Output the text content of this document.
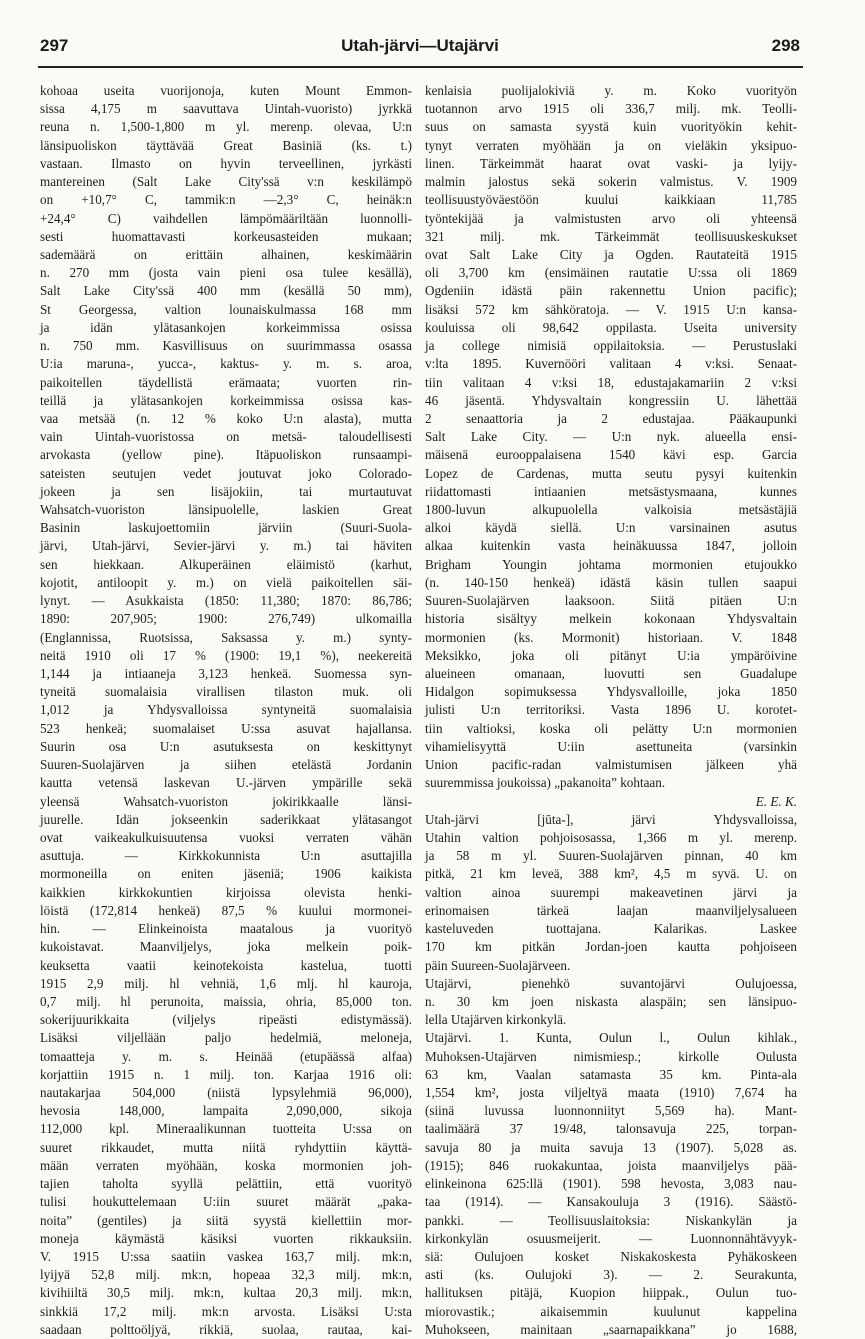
297	Utah-järvi—Utajärvi	298
kohoaa useita vuorijonoja, kuten Mount Emmon-
sissa 4,175 m saavuttava Uintah-vuoristo) jyrkkä
reuna n. 1,500-1,800 m yl. merenp. olevaa, U:n
länsipuoliskon täyttävää Great Basiniä (ks. t.)
vastaan. Ilmasto on hyvin terveellinen, jyrkästi
mantereinen (Salt Lake City'ssä v:n keskilämpö
on +10,7° C, tammik:n —2,3° C, heinäk:n
+24,4° C) vaihdellen lämpömääriltään luonnolli-
sesti huomattavasti korkeusasteiden mukaan;
sademäärä on erittäin alhainen, keskimäärin
n. 270 mm (josta vain pieni osa tulee kesällä),
Salt Lake City'ssä 400 mm (kesällä 50 mm),
St Georgessa, valtion lounaiskulmassa 168 mm
ja idän ylätasankojen korkeimmissa osissa
n. 750 mm. Kasvillisuus on suurimmassa osassa
U:ia maruna-, yucca-, kaktus- y. m. s. aroa,
paikoitellen täydellistä erämaata; vuorten rin-
teillä ja ylätasankojen korkeimmissa osissa kas-
vaa metsää (n. 12 % koko U:n alasta), mutta
vain Uintah-vuoristossa on metsä- taloudellisesti
arvokasta (yellow pine). Itäpuoliskon runsaampi-
sateisten seutujen vedet joutuvat joko Colorado-
jokeen ja sen lisäjokiin, tai murtautuvat
Wahsatch-vuoriston länsipuolelle, laskien Great
Basinin laskujoettomiin järviin (Suuri-Suola-
järvi, Utah-järvi, Sevier-järvi y. m.) tai häviten
sen hiekkaan. Alkuperäinen eläimistö (karhut,
kojotit, antiloopit y. m.) on vielä paikoitellen säi-
lynyt. — Asukkaista (1850: 11,380; 1870: 86,786;
1890: 207,905; 1900: 276,749) ulkomailla
(Englannissa, Ruotsissa, Saksassa y. m.) synty-
neitä 1910 oli 17 % (1900: 19,1 %), neekereitä
1,144 ja intiaaneja 3,123 henkeä. Suomessa syn-
tyneitä suomalaisia virallisen tilaston muk. oli
1,012 ja Yhdysvalloissa syntyneitä suomalaisia
523 henkeä; suomalaiset U:ssa asuvat hajallansa.
Suurin osa U:n asutuksesta on keskittynyt
Suuren-Suolajärven ja siihen etelästä Jordanin
kautta vetensä laskevan U.-järven ympärille sekä
yleensä Wahsatch-vuoriston jokirikkaalle länsi-
juurelle. Idän jokseenkin saderikkaat ylätasangot
ovat vaikeakulkuisuutensa vuoksi verraten vähän
asuttuja. — Kirkkokunnista U:n asuttajilla
mormoneilla on eniten jäseniä; 1906 kaikista
kaikkien kirkkokuntien kirjoissa olevista henki-
löistä (172,814 henkeä) 87,5 % kuului mormonei-
hin. — Elinkeinoista maatalous ja vuorityö
kukoistavat. Maanviljelys, joka melkein poik-
keuksetta vaatii keinotekoista kastelua, tuotti
1915 2,9 milj. hl vehniä, 1,6 mlj. hl kauroja,
0,7 milj. hl perunoita, maissia, ohria, 85,000 ton.
sokerijuurikkaita (viljelys ripeästi edistymässä).
Lisäksi viljellään paljo hedelmiä, meloneja,
tomaatteja y. m. s. Heinää (etupäässä alfaa)
korjattiin 1915 n. 1 milj. ton. Karjaa 1916 oli:
nautakarjaa 504,000 (niistä lypsylehmiä 96,000),
hevosia 148,000, lampaita 2,090,000, sikoja
112,000 kpl. Mineraalikunnan tuotteita U:ssa on
suuret rikkaudet, mutta niitä ryhdyttiin käyttä-
mään verraten myöhään, koska mormonien joh-
tajien taholta syyllä pelättiin, että vuorityö
tulisi houkuttelemaan U:iin suuret määrät „paka-
noita” (gentiles) ja siitä syystä kiellettiin mor-
moneja käymästä käsiksi vuorten rikkauksiin.
V. 1915 U:ssa saatiin vaskea 163,7 milj. mk:n,
lyijyä 52,8 milj. mk:n, hopeaa 32,3 milj. mk:n,
kivihiiltä 30,5 milj. mk:n, kultaa 20,3 milj. mk:n,
sinkkiä 17,2 milj. mk:n arvosta. Lisäksi U:sta
saadaan polttoöljyä, rikkiä, suolaa, rautaa, kai-
kenlaisia puolijalokiviä y. m. Koko vuorityön
tuotannon arvo 1915 oli 336,7 milj. mk. Teolli-
suus on samasta syystä kuin vuorityökin kehit-
tynyt verraten myöhään ja on vieläkin yksipuo-
linen. Tärkeimmät haarat ovat vaski- ja lyijy-
malmin jalostus sekä sokerin valmistus. V. 1909
teollisuustyöväestöön kuului kaikkiaan 11,785
työntekijää ja valmistusten arvo oli yhteensä
321 milj. mk. Tärkeimmät teollisuuskeskukset
ovat Salt Lake City ja Ogden. Rautateitä 1915
oli 3,700 km (ensimäinen rautatie U:ssa oli 1869
Ogdeniin idästä päin rakennettu Union pacific);
lisäksi 572 km sähköratoja. — V. 1915 U:n kansa-
kouluissa oli 98,642 oppilasta. Useita university
ja college nimisiä oppilaitoksia. — Perustuslaki
v:lta 1895. Kuvernööri valitaan 4 v:ksi. Senaat-
tiin valitaan 4 v:ksi 18, edustajakamariin 2 v:ksi
46 jäsentä. Yhdysvaltain kongressiin U. lähettää
2 senaattoria ja 2 edustajaa. Pääkaupunki
Salt Lake City. — U:n nyk. alueella ensi-
mäisenä eurooppalaisena 1540 kävi esp. Garcia
Lopez de Cardenas, mutta seutu pysyi kuitenkin
riidattomasti intiaanien metsästysmaana, kunnes
1800-luvun alkupuolella valkoisia metsästäjiä
alkoi käydä siellä. U:n varsinainen asutus
alkaa kuitenkin vasta heinäkuussa 1847, jolloin
Brigham Youngin johtama mormonien etujoukko
(n. 140-150 henkeä) idästä käsin tullen saapui
Suuren-Suolajärven laaksoon. Siitä pitäen U:n
historia sisältyy melkein kokonaan Yhdysvaltain
mormonien (ks. Mormonit) historiaan. V. 1848
Meksikko, joka oli pitänyt U:ia ympäröivine
alueineen omanaan, luovutti sen Guadalupe
Hidalgon sopimuksessa Yhdysvalloille, joka 1850
julisti U:n territoriksi. Vasta 1896 U. korotet-
tiin valtioksi, koska oli pelätty U:n mormonien
vihamielisyyttä U:iin asettuneita (varsinkin
Union pacific-radan valmistumisen jälkeen yhä
suuremmissa joukoissa) „pakanoita” kohtaan.
E. E. K.
Utah-järvi [jūta-], järvi Yhdysvalloissa,
Utahin valtion pohjoisosassa, 1,366 m yl. merenp.
ja 58 m yl. Suuren-Suolajärven pinnan, 40 km
pitkä, 21 km leveä, 388 km², 4,5 m syvä. U. on
valtion ainoa suurempi makeavetinen järvi ja
erinomaisen tärkeä laajan maanviljelysalueen
kasteluveden tuottajana. Kalarikas. Laskee
170 km pitkän Jordan-joen kautta pohjoiseen
päin Suureen-Suolajärveen.
Utajärvi, pienehkö suvantojärvi Oulujoessa,
n. 30 km joen niskasta alaspäin; sen länsipuo-
lella Utajärven kirkonkylä.
Utajärvi. 1. Kunta, Oulun l., Oulun kihlak.,
Muhoksen-Utajärven nimismiesp.; kirkolle Oulusta
63 km, Vaalan satamasta 35 km. Pinta-ala
1,554 km², josta viljeltyä maata (1910) 7,674 ha
(siinä luvussa luonnonniityt 5,569 ha). Mant-
taalimäärä 37 19/48, talonsavuja 225, torpan-
savuja 80 ja muita savuja 13 (1907). 5,028 as.
(1915); 846 ruokakuntaa, joista maanviljelys pää-
elinkeinona 625:llä (1901). 598 hevosta, 3,083 nau-
taa (1914). — Kansakouluja 3 (1916). Säästö-
pankki. — Teollisuuslaitoksia: Niskankylän ja
kirkonkylän osuusmeijerit. — Luonnonnähtävyyk-
siä: Oulujoen kosket Niskakoskesta Pyhäkoskeen
asti (ks. Oulujoki 3). — 2. Seurakunta,
hallituksen pitäjä, Kuopion hiippak., Oulun tuo-
miorovastik.; aikaisemmin kuulunut kappelina
Muhokseen, mainitaan „saarnapaikkana” jo 1688,
